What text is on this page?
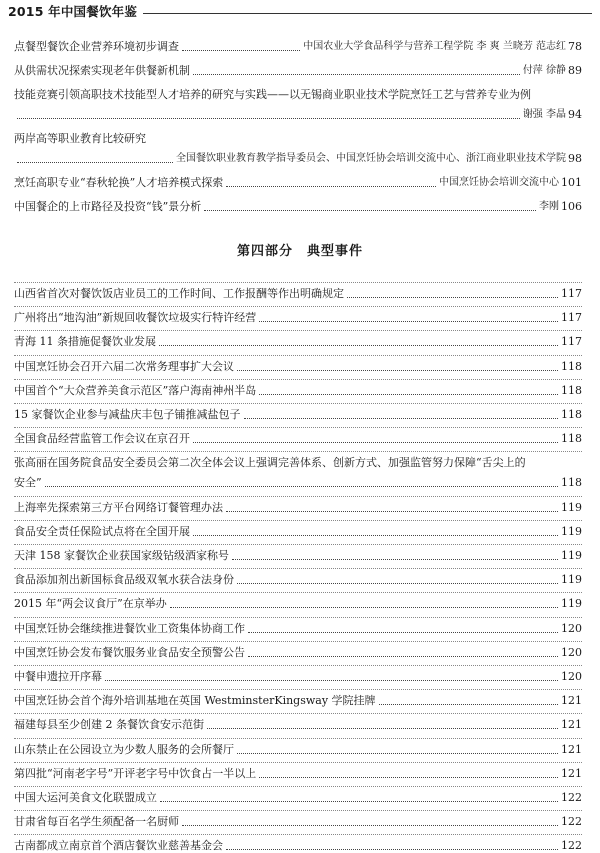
2015 年中国餐饮年鉴
点餐型餐饮企业营养环境初步调查	中国农业大学食品科学与营养工程学院 李 爽 兰晓芳 范志红 78
从供需状况探索实现老年供餐新机制	付萍 徐静 89
技能竞赛引领高职技术技能型人才培养的研究与实践——以无锡商业职业技术学院烹饪工艺与营养专业为例
谢强 李晶 94
两岸高等职业教育比较研究
全国餐饮职业教育教学指导委员会、中国烹饪协会培训交流中心、浙江商业职业技术学院 98
烹饪高职专业“春秋轮换”人才培养模式探索	中国烹饪协会培训交流中心 101
中国餐企的上市路径及投资“钱”景分析	李刚 106
第四部分　典型事件
山西省首次对餐饮饭店业员工的工作时间、工作报酬等作出明确规定	117
广州将出“地沟油”新规回收餐饮垃圾实行特许经营	117
青海 11 条措施促餐饮业发展	117
中国烹饪协会召开六届二次常务理事扩大会议	118
中国首个“大众营养美食示范区”落户海南神州半岛	118
15 家餐饮企业参与减盐庆丰包子铺推减盐包子	118
全国食品经营监管工作会议在京召开	118
张高丽在国务院食品安全委员会第二次全体会议上强调完善体系、创新方式、加强监管努力保障“舌尖上的
安全”	118
上海率先探索第三方平台网络订餐管理办法	119
食品安全责任保险试点将在全国开展	119
天津 158 家餐饮企业获国家级钻级酒家称号	119
食品添加剂出新国标食品级双氧水获合法身份	119
2015 年“两会议食厅”在京举办	119
中国烹饪协会继续推进餐饮业工资集体协商工作	120
中国烹饪协会发布餐饮服务业食品安全预警公告	120
中餐申遗拉开序幕	120
中国烹饪协会首个海外培训基地在英国 WestminsterKingsway 学院挂牌	121
福建每县至少创建 2 条餐饮食安示范街	121
山东禁止在公园设立为少数人服务的会所餐厅	121
第四批“河南老字号”开评老字号中饮食占一半以上	121
中国大运河美食文化联盟成立	122
甘肃省每百名学生须配备一名厨师	122
古南都成立南京首个酒店餐饮业慈善基金会	122
